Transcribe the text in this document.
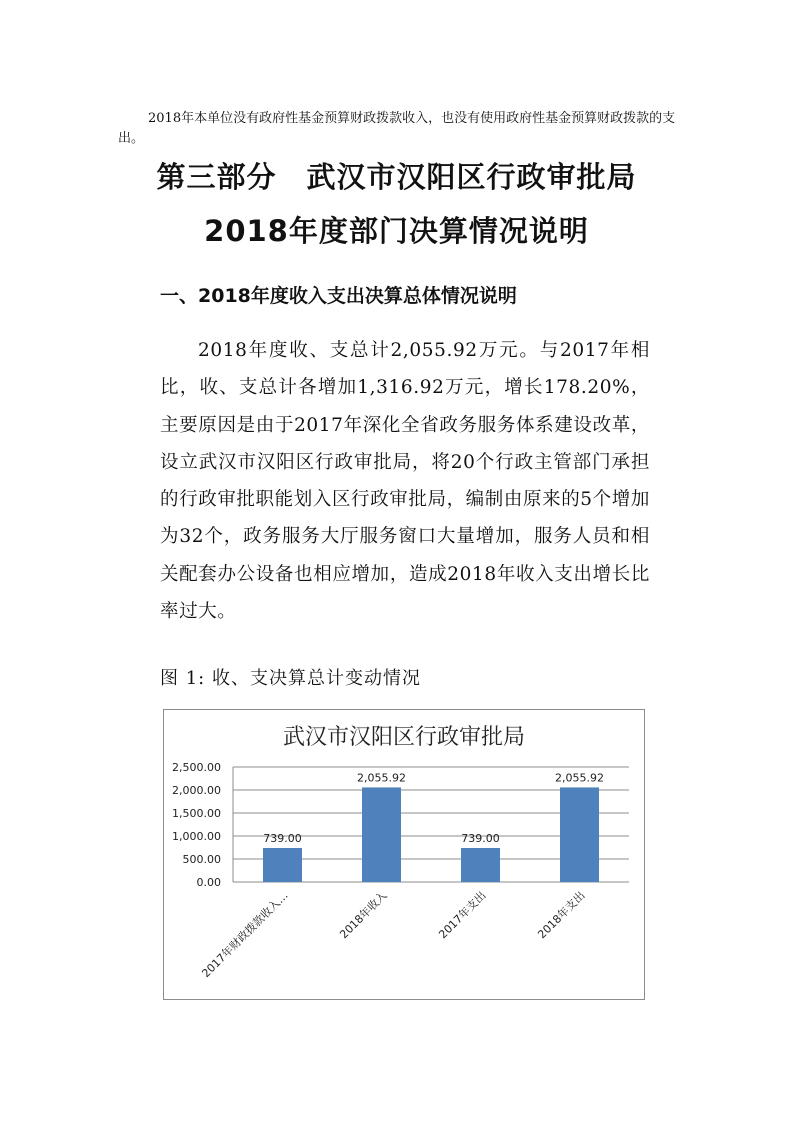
2018年本单位没有政府性基金预算财政拨款收入，也没有使用政府性基金预算财政拨款的支出。

第三部分　武汉市汉阳区行政审批局
2018年度部门决算情况说明
一、2018年度收入支出决算总体情况说明

2018年度收、支总计2,055.92万元。与2017年相比，收、支总计各增加1,316.92万元，增长178.20%，主要原因是由于2017年深化全省政务服务体系建设改革，设立武汉市汉阳区行政审批局，将20个行政主管部门承担的行政审批职能划入区行政审批局，编制由原来的5个增加为32个，政务服务大厅服务窗口大量增加，服务人员和相关配套办公设备也相应增加，造成2018年收入支出增长比率过大。

图 1: 收、支决算总计变动情况
武汉市汉阳区行政审批局
0.00
500.00
1,000.00
1,500.00
2,000.00
2,500.00
739.00
2017年财政拨款收入…
2,055.92
2018年收入
739.00
2017年支出
2,055.92
2018年支出
